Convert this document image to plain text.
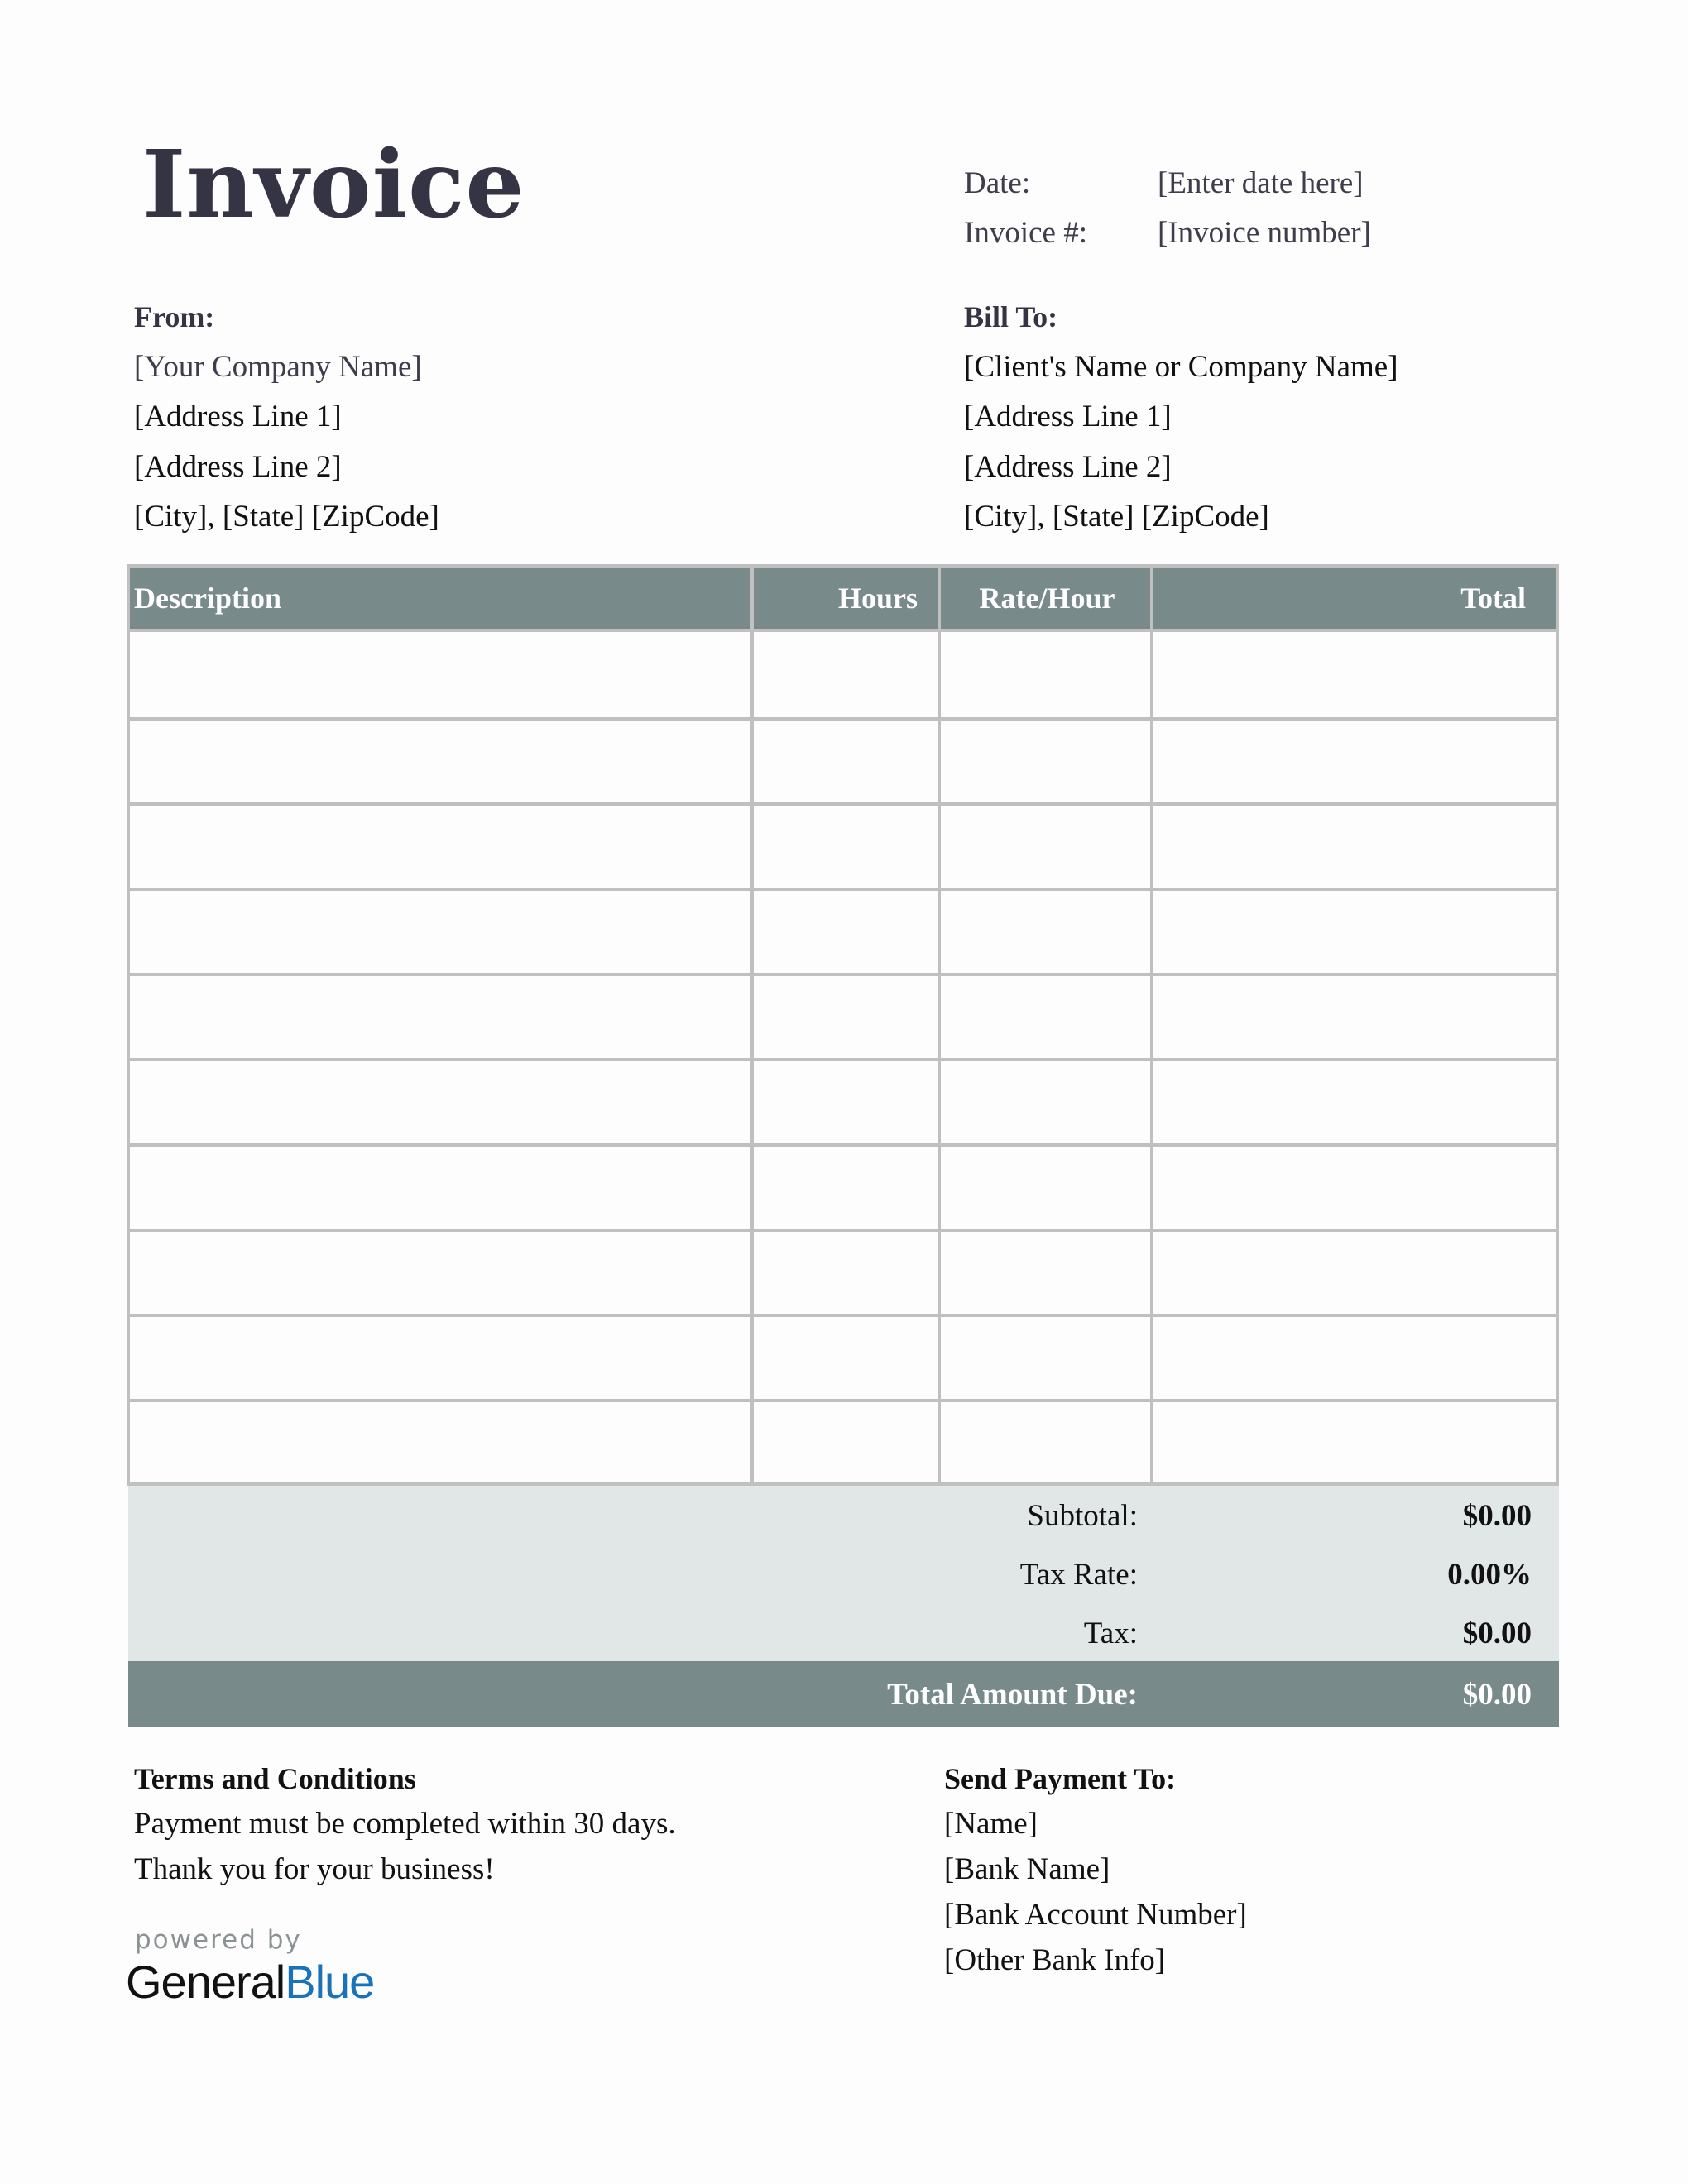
Invoice	Date:	[Enter date here]
Invoice #: [Invoice number]
From:
[Your Company Name]
[Address Line 1]
[Address Line 2]
[City], [State] [ZipCode]
Bill To:
[Client's Name or Company Name]
[Address Line 1]
[Address Line 2]
[City], [State] [ZipCode]
Description	Hours	Rate/Hour	Total
Subtotal:	$0.00
Tax Rate:	0.00%
Tax:	$0.00
Total Amount Due:	$0.00
Terms and Conditions
Payment must be completed within 30 days.
Thank you for your business!
Send Payment To:
[Name]
[Bank Name]
[Bank Account Number]
[Other Bank Info]
powered by
GeneralBlue
